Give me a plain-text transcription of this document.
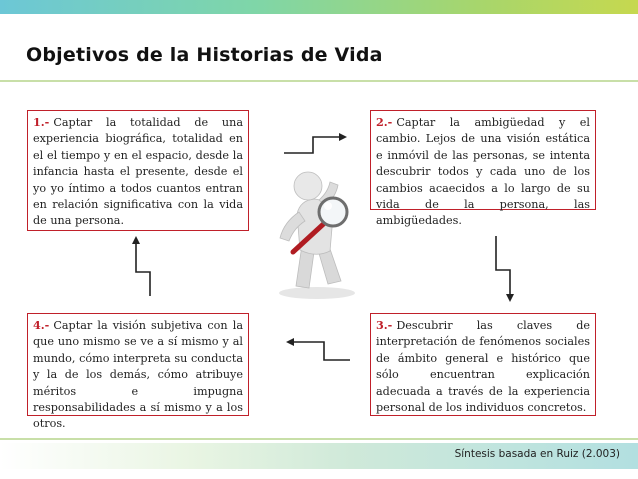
Objetivos de la Historias de Vida
1.- Captar la totalidad de una experiencia biográfica, totalidad en el el tiempo y en el espacio, desde la infancia hasta el presente, desde el yo yo íntimo a todos cuantos entran en relación significativa con la vida de una persona.
2.- Captar la ambigüedad y el cambio. Lejos de una visión estática e inmóvil de las personas, se intenta descubrir todos y cada uno de los cambios acaecidos a lo largo de su vida de la persona, las ambigüedades.
3.- Descubrir las claves de interpretación de fenómenos sociales de ámbito general e histórico que sólo encuentran explicación adecuada a través de la experiencia personal de los individuos concretos.
4.- Captar la visión subjetiva con la que uno mismo se ve a sí mismo y al mundo, cómo interpreta su conducta y la de los demás, cómo atribuye méritos e impugna responsabilidades a sí mismo y a los otros.
Síntesis basada en Ruiz (2.003)
